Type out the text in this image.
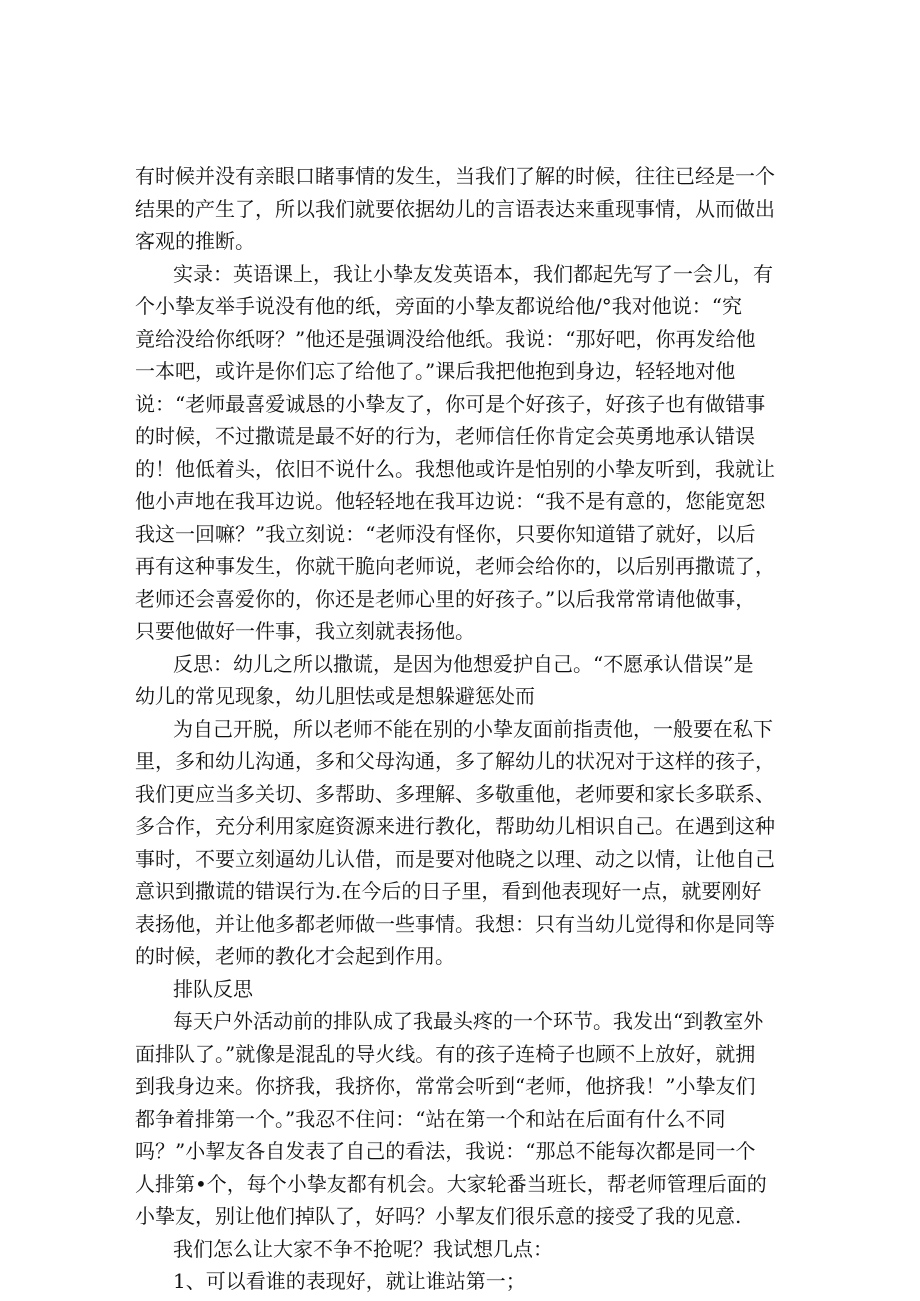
有时候并没有亲眼口睹事情的发生，当我们了解的时候，往往已经是一个
结果的产生了，所以我们就要依据幼儿的言语表达来重现事情，从而做出
客观的推断。
实录：英语课上，我让小挚友发英语本，我们都起先写了一会儿，有
个小挚友举手说没有他的纸，旁面的小挚友都说给他/°我对他说：“究
竟给没给你纸呀？”他还是强调没给他纸。我说：“那好吧，你再发给他
一本吧，或许是你们忘了给他了。”课后我把他抱到身边，轻轻地对他
说：“老师最喜爱诚恳的小挚友了，你可是个好孩子，好孩子也有做错事
的时候，不过撒谎是最不好的行为，老师信任你肯定会英勇地承认错误
的！他低着头，依旧不说什么。我想他或许是怕别的小挚友听到，我就让
他小声地在我耳边说。他轻轻地在我耳边说：“我不是有意的，您能宽恕
我这一回嘛？”我立刻说：“老师没有怪你，只要你知道错了就好，以后
再有这种事发生，你就干脆向老师说，老师会给你的，以后别再撒谎了，
老师还会喜爱你的，你还是老师心里的好孩子。”以后我常常请他做事，
只要他做好一件事，我立刻就表扬他。
反思：幼儿之所以撒谎，是因为他想爱护自己。“不愿承认借误”是
幼儿的常见现象，幼儿胆怯或是想躲避惩处而
为自己开脱，所以老师不能在别的小挚友面前指责他，一般要在私下
里，多和幼儿沟通，多和父母沟通，多了解幼儿的状况对于这样的孩子，
我们更应当多关切、多帮助、多理解、多敬重他，老师要和家长多联系、
多合作，充分利用家庭资源来进行教化，帮助幼儿相识自己。在遇到这种
事时，不要立刻逼幼儿认借，而是要对他晓之以理、动之以情，让他自己
意识到撒谎的错误行为.在今后的日子里，看到他表现好一点，就要刚好
表扬他，并让他多都老师做一些事情。我想：只有当幼儿觉得和你是同等
的时候，老师的教化才会起到作用。
排队反思
每天户外活动前的排队成了我最头疼的一个环节。我发出“到教室外
面排队了。”就像是混乱的导火线。有的孩子连椅子也顾不上放好，就拥
到我身边来。你挤我，我挤你，常常会听到“老师，他挤我！”小挚友们
都争着排第一个。”我忍不住问：“站在第一个和站在后面有什么不同
吗？”小挈友各自发表了自己的看法，我说：“那总不能每次都是同一个
人排第•个，每个小挚友都有机会。大家轮番当班长，帮老师管理后面的
小挚友，别让他们掉队了，好吗？小挈友们很乐意的接受了我的见意.
我们怎么让大家不争不抢呢？我试想几点：
1、可以看谁的表现好，就让谁站第一；
